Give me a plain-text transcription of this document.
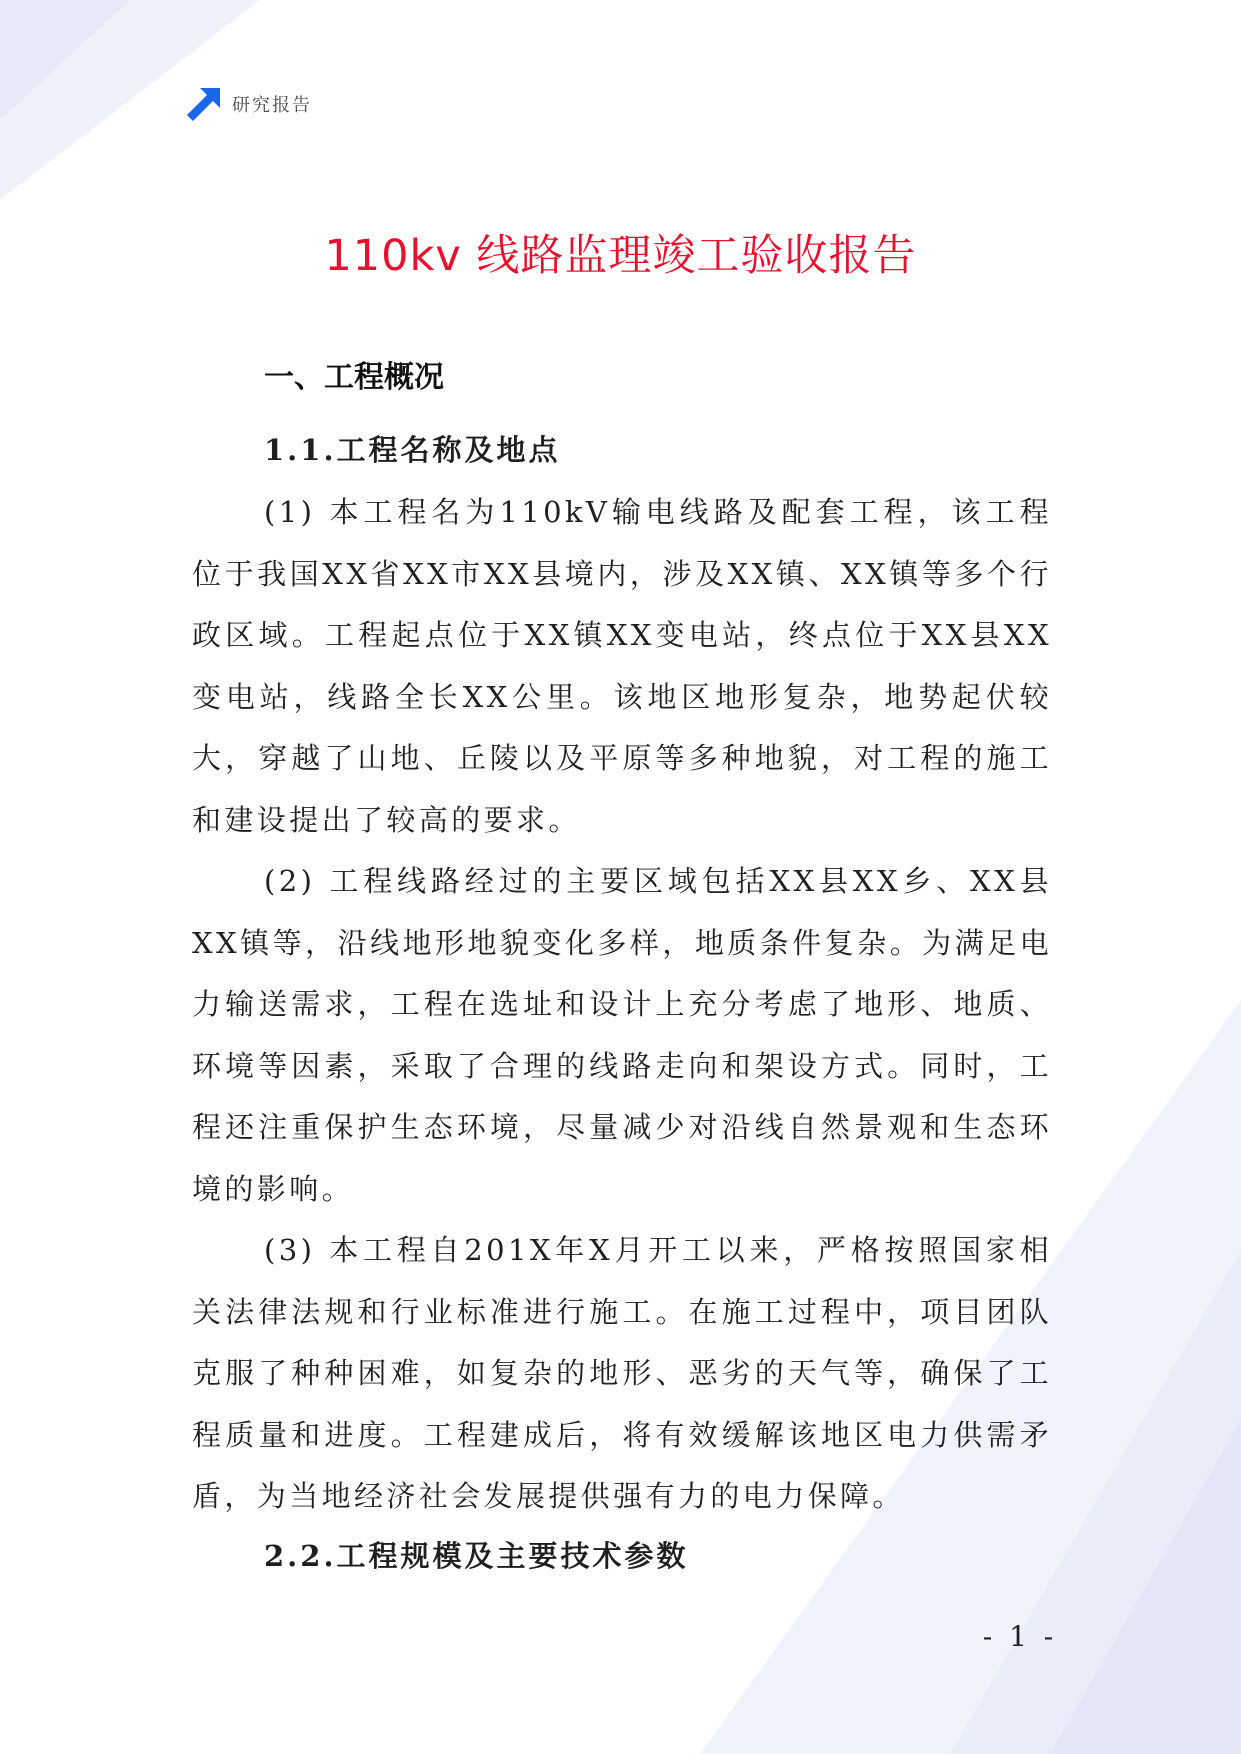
研究报告
110kv 线路监理竣工验收报告
一、工程概况
1.1.工程名称及地点

(1) 本工程名为110kV输电线路及配套工程，该工程位于我国XX省XX市XX县境内，涉及XX镇、XX镇等多个行政区域。工程起点位于XX镇XX变电站，终点位于XX县XX变电站，线路全长XX公里。该地区地形复杂，地势起伏较大，穿越了山地、丘陵以及平原等多种地貌，对工程的施工和建设提出了较高的要求。

(2) 工程线路经过的主要区域包括XX县XX乡、XX县XX镇等，沿线地形地貌变化多样，地质条件复杂。为满足电力输送需求，工程在选址和设计上充分考虑了地形、地质、环境等因素，采取了合理的线路走向和架设方式。同时，工程还注重保护生态环境，尽量减少对沿线自然景观和生态环境的影响。

(3) 本工程自201X年X月开工以来，严格按照国家相关法律法规和行业标准进行施工。在施工过程中，项目团队克服了种种困难，如复杂的地形、恶劣的天气等，确保了工程质量和进度。工程建成后，将有效缓解该地区电力供需矛盾，为当地经济社会发展提供强有力的电力保障。

2.2.工程规模及主要技术参数
- 1 -
